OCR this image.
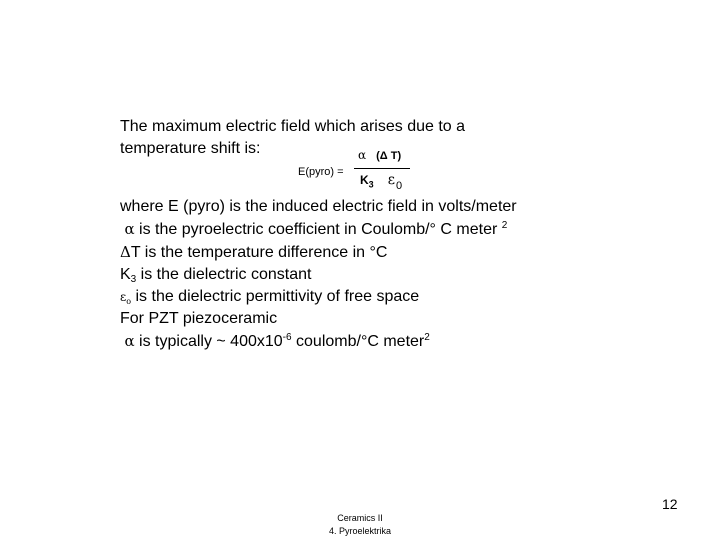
The maximum electric field which arises due to a
temperature shift is:
E(pyro) =
α (Δ T)
$K_3$ ε0
where E (pyro) is the induced electric field in volts/meter
α is the pyroelectric coefficient in Coulomb/° C meter $^2$
ΔT is the temperature difference in °C
$K_3$ is the dielectric constant
$\varepsilon_o$ is the dielectric permittivity of free space
For PZT piezoceramic
α is typically ~ $400x10^{-6}$ coulomb/°C meter$^2$
12
Ceramics II
4. Pyroelektrika
